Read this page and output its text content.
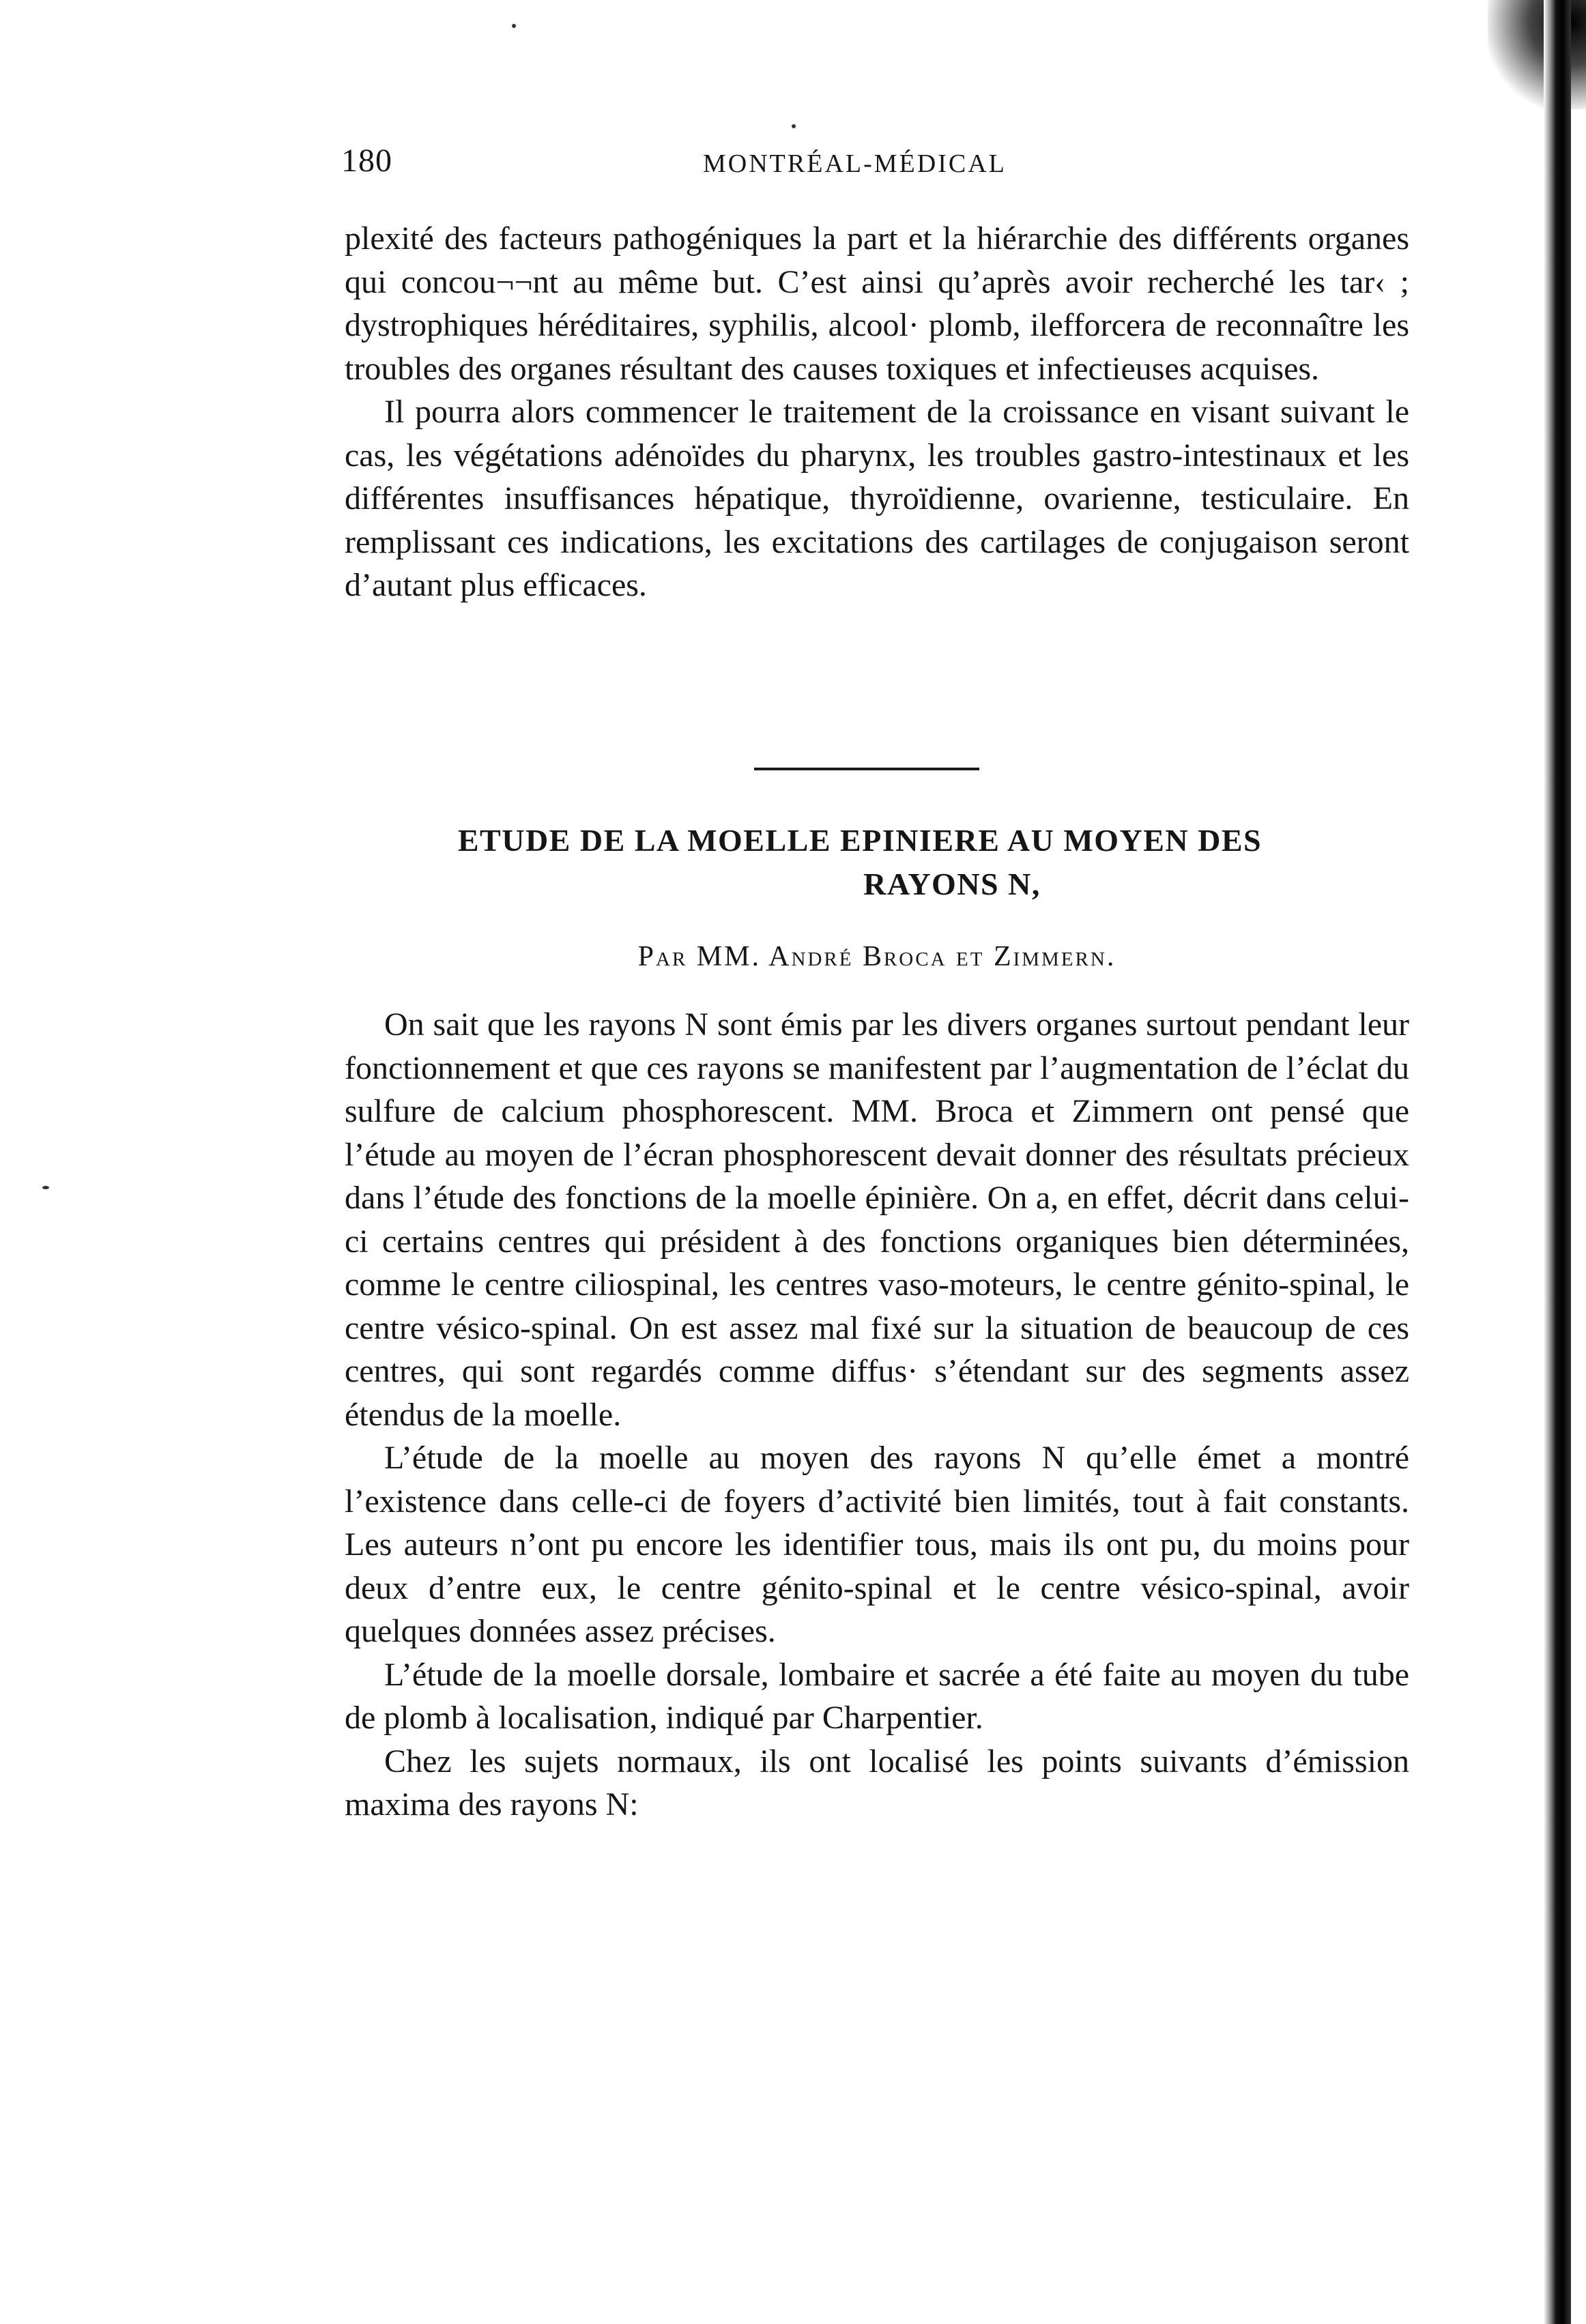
180	MONTRÉAL-MÉDICAL

plexité des facteurs pathogéniques la part et la hiérarchie des différents organes qui concou¬¬nt au même but. C’est ainsi qu’après avoir recherché les tar‹ ; dystrophiques héréditaires, syphilis, alcool· plomb, ilefforcera de reconnaître les troubles des organes résultant des causes toxiques et infectieuses acquises.

Il pourra alors commencer le traitement de la croissance en visant suivant le cas, les végétations adénoïdes du pharynx, les troubles gastro-intestinaux et les différentes insuffisances hépatique, thyroïdienne, ovarienne, testiculaire. En remplissant ces indications, les excitations des cartilages de conjugaison seront d’autant plus efficaces.

ETUDE DE LA MOELLE EPINIERE AU MOYEN DES
RAYONS N,
Par MM. André Broca et Zimmern.

On sait que les rayons N sont émis par les divers organes surtout pendant leur fonctionnement et que ces rayons se manifestent par l’augmentation de l’éclat du sulfure de calcium phosphorescent. MM. Broca et Zimmern ont pensé que l’étude au moyen de l’écran phosphorescent devait donner des résultats précieux dans l’étude des fonctions de la moelle épinière. On a, en effet, décrit dans celui-ci certains centres qui président à des fonctions organiques bien déterminées, comme le centre ciliospinal, les centres vaso-moteurs, le centre génito-spinal, le centre vésico-spinal. On est assez mal fixé sur la situation de beaucoup de ces centres, qui sont regardés comme diffus· s’étendant sur des segments assez étendus de la moelle.

L’étude de la moelle au moyen des rayons N qu’elle émet a montré l’existence dans celle-ci de foyers d’activité bien limités, tout à fait constants. Les auteurs n’ont pu encore les identifier tous, mais ils ont pu, du moins pour deux d’entre eux, le centre génito-spinal et le centre vésico-spinal, avoir quelques données assez précises.

L’étude de la moelle dorsale, lombaire et sacrée a été faite au moyen du tube de plomb à localisation, indiqué par Charpentier.

Chez les sujets normaux, ils ont localisé les points suivants d’émission maxima des rayons N:
